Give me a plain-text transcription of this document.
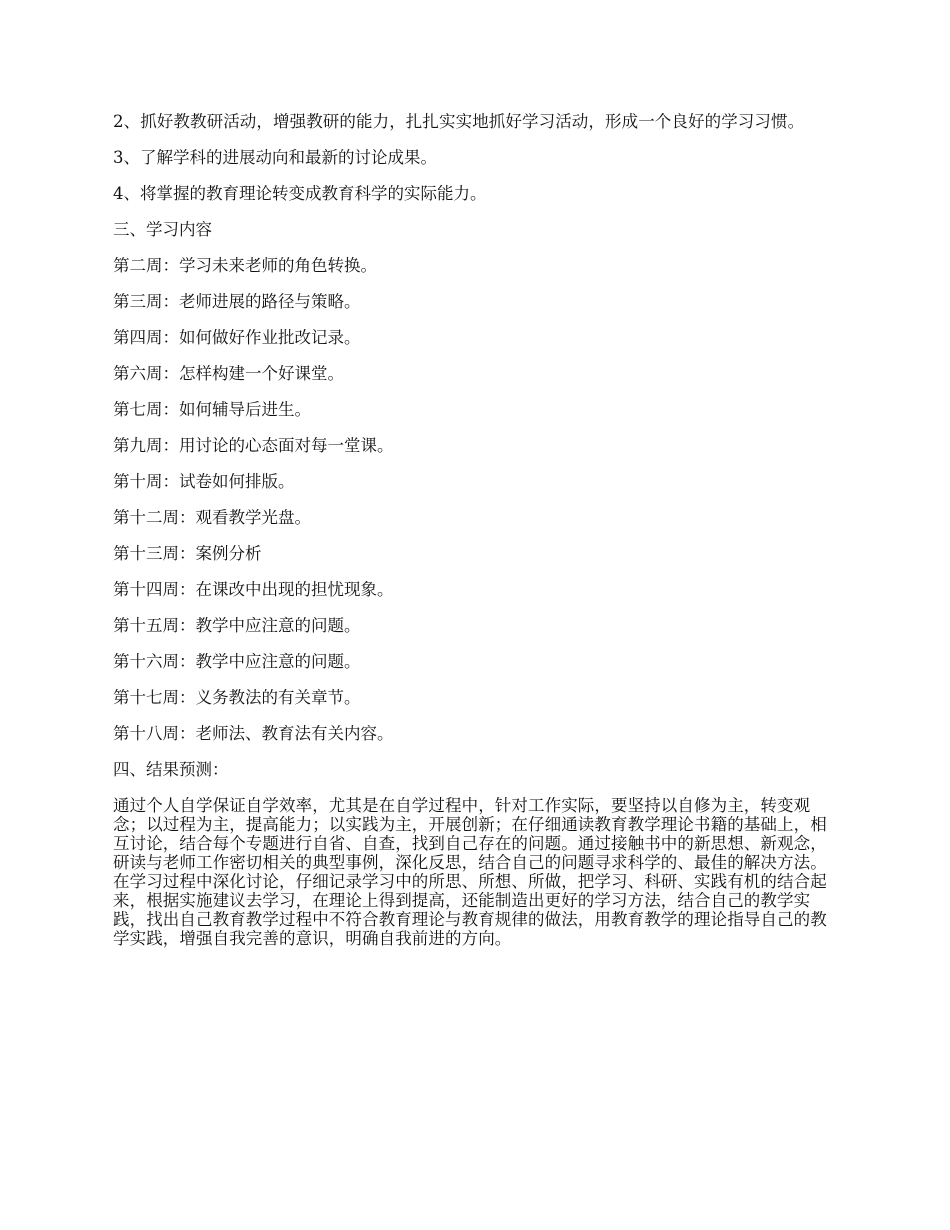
2、抓好教教研活动，增强教研的能力，扎扎实实地抓好学习活动，形成一个良好的学习习惯。

3、了解学科的进展动向和最新的讨论成果。

4、将掌握的教育理论转变成教育科学的实际能力。

三、学习内容

第二周：学习未来老师的角色转换。

第三周：老师进展的路径与策略。

第四周：如何做好作业批改记录。

第六周：怎样构建一个好课堂。

第七周：如何辅导后进生。

第九周：用讨论的心态面对每一堂课。

第十周：试卷如何排版。

第十二周：观看教学光盘。

第十三周：案例分析

第十四周：在课改中出现的担忧现象。

第十五周：教学中应注意的问题。

第十六周：教学中应注意的问题。

第十七周：义务教法的有关章节。

第十八周：老师法、教育法有关内容。

四、结果预测：

通过个人自学保证自学效率，尤其是在自学过程中，针对工作实际，要坚持以自修为主，转变观念；以过程为主，提高能力；以实践为主，开展创新；在仔细通读教育教学理论书籍的基础上，相互讨论，结合每个专题进行自省、自查，找到自己存在的问题。通过接触书中的新思想、新观念，研读与老师工作密切相关的典型事例，深化反思，结合自己的问题寻求科学的、最佳的解决方法。在学习过程中深化讨论，仔细记录学习中的所思、所想、所做，把学习、科研、实践有机的结合起来，根据实施建议去学习，在理论上得到提高，还能制造出更好的学习方法，结合自己的教学实践，找出自己教育教学过程中不符合教育理论与教育规律的做法，用教育教学的理论指导自己的教学实践，增强自我完善的意识，明确自我前进的方向。
